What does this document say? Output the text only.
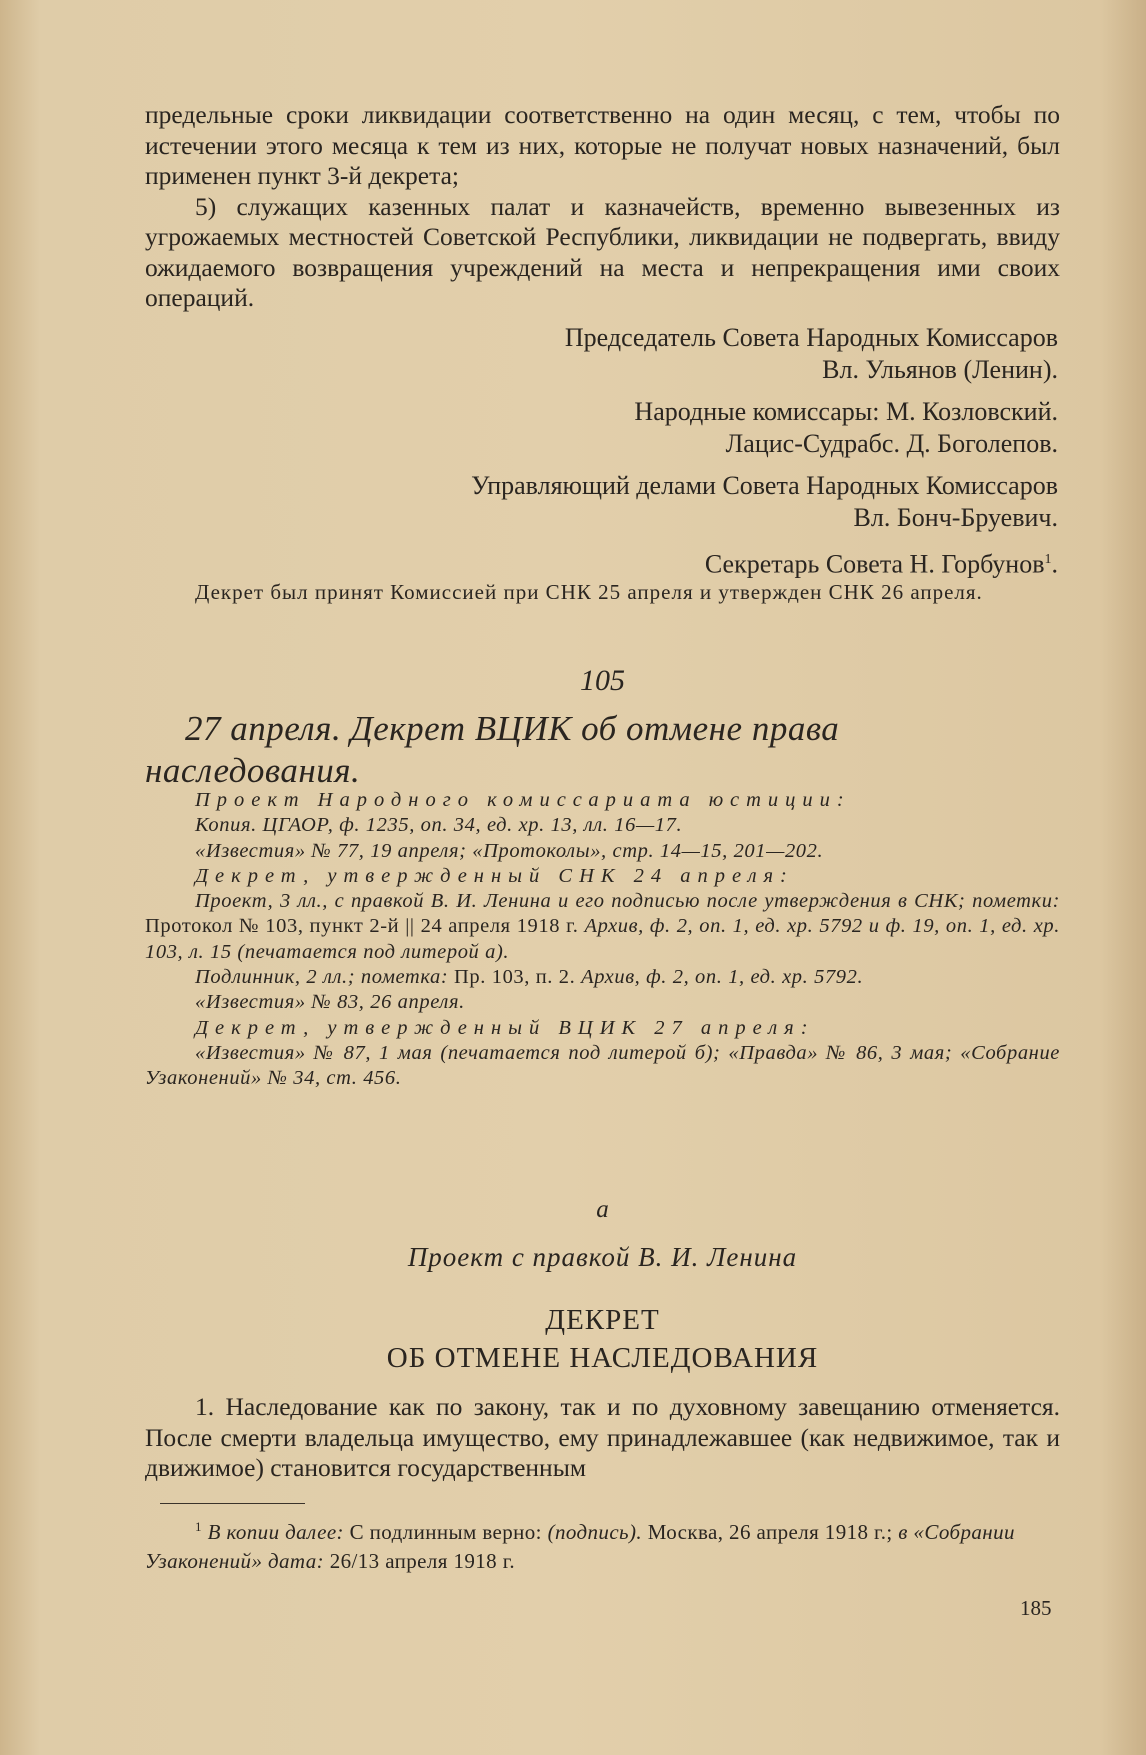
предельные сроки ликвидации соответственно на один месяц, с тем, чтобы по истечении этого месяца к тем из них, которые не получат новых назначений, был применен пункт 3-й декрета;

5) служащих казенных палат и казначейств, временно вывезенных из угрожаемых местностей Советской Республики, ликвидации не подвергать, ввиду ожидаемого возвращения учреждений на места и непрекращения ими своих операций.

Председатель Совета Народных Комиссаров

Вл. Ульянов (Ленин).

Народные комиссары: М. Козловский.

Лацис-Судрабс. Д. Боголепов.

Управляющий делами Совета Народных Комиссаров

Вл. Бонч-Бруевич.

Секретарь Совета Н. Горбунов$^1$.

Декрет был принят Комиссией при СНК 25 апреля и утвержден СНК 26 апреля.

105

27 апреля. Декрет ВЦИК об отмене права наследования.

Проект Народного комиссариата юстиции:

Копия. ЦГАОР, ф. 1235, оп. 34, ед. хр. 13, лл. 16—17.

«Известия» № 77, 19 апреля; «Протоколы», стр. 14—15, 201—202.

Декрет, утвержденный СНК 24 апреля:

Проект, 3 лл., с правкой В. И. Ленина и его подписью после утверждения в СНК; пометки: Протокол № 103, пункт 2-й || 24 апреля 1918 г. Архив, ф. 2, оп. 1, ед. хр. 5792 и ф. 19, оп. 1, ед. хр. 103, л. 15 (печатается под литерой а).

Подлинник, 2 лл.; пометка: Пр. 103, п. 2. Архив, ф. 2, оп. 1, ед. хр. 5792.

«Известия» № 83, 26 апреля.

Декрет, утвержденный ВЦИК 27 апреля:

«Известия» № 87, 1 мая (печатается под литерой б); «Правда» № 86, 3 мая; «Собрание Узаконений» № 34, ст. 456.

а

Проект с правкой В. И. Ленина

ДЕКРЕТ

ОБ ОТМЕНЕ НАСЛЕДОВАНИЯ

1. Наследование как по закону, так и по духовному завещанию отменяется. После смерти владельца имущество, ему принадлежавшее (как недвижимое, так и движимое) становится государственным

$^1$ В копии далее: С подлинным верно: (подпись). Москва, 26 апреля 1918 г.; в «Собрании Узаконений» дата: 26/13 апреля 1918 г.

185
